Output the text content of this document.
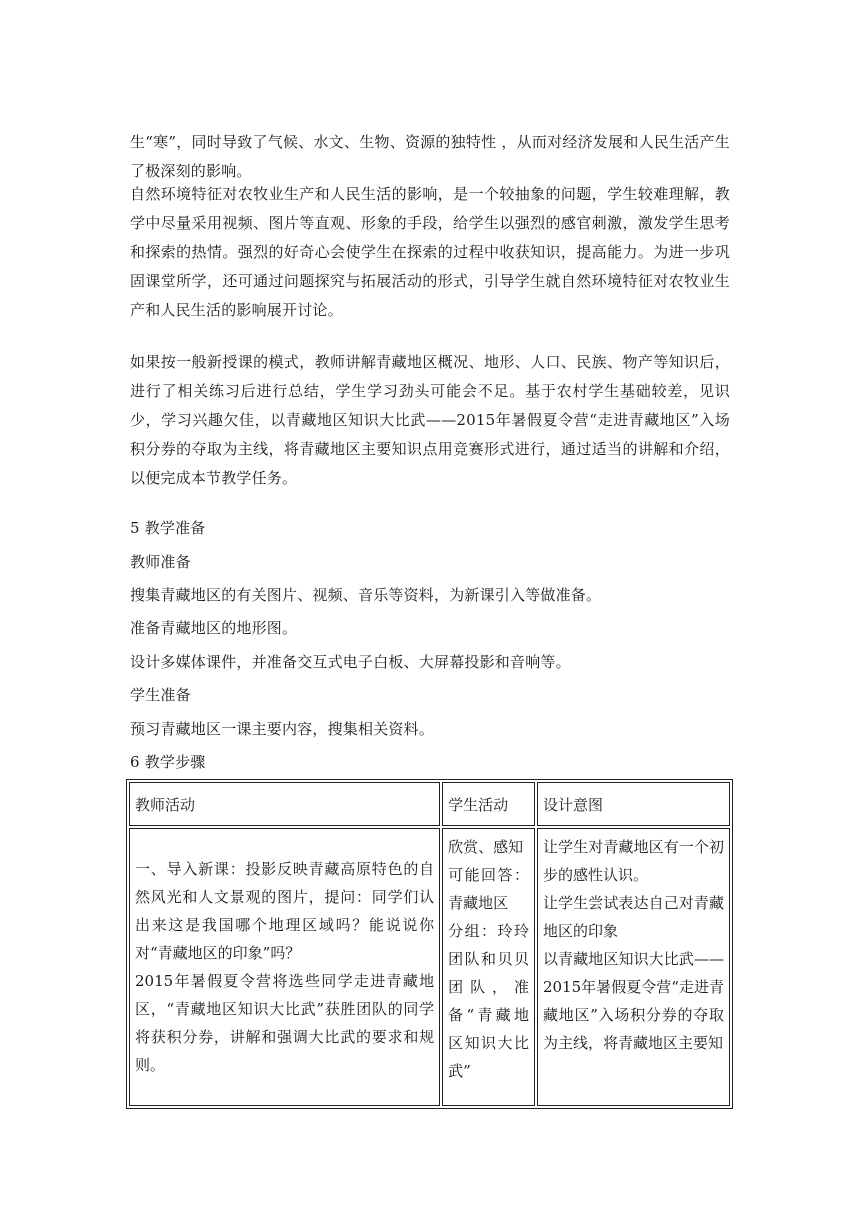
生“寒”，同时导致了气候、水文、生物、资源的独特性 ，从而对经济发展和人民生活产生了极深刻的影响。

自然环境特征对农牧业生产和人民生活的影响，是一个较抽象的问题，学生较难理解，教学中尽量采用视频、图片等直观、形象的手段，给学生以强烈的感官刺激，激发学生思考和探索的热情。强烈的好奇心会使学生在探索的过程中收获知识，提高能力。为进一步巩固课堂所学，还可通过问题探究与拓展活动的形式，引导学生就自然环境特征对农牧业生产和人民生活的影响展开讨论。

如果按一般新授课的模式，教师讲解青藏地区概况、地形、人口、民族、物产等知识后，进行了相关练习后进行总结，学生学习劲头可能会不足。基于农村学生基础较差，见识少，学习兴趣欠佳，以青藏地区知识大比武——2015年暑假夏令营“走进青藏地区”入场积分券的夺取为主线，将青藏地区主要知识点用竞赛形式进行，通过适当的讲解和介绍，以便完成本节教学任务。

5 教学准备

教师准备

搜集青藏地区的有关图片、视频、音乐等资料，为新课引入等做准备。

准备青藏地区的地形图。

设计多媒体课件，并准备交互式电子白板、大屏幕投影和音响等。

学生准备

预习青藏地区一课主要内容，搜集相关资料。

6 教学步骤

教师活动	学生活动	设计意图

一、导入新课：投影反映青藏高原特色的自然风光和人文景观的图片，提问：同学们认出来这是我国哪个地理区域吗？能说说你对“青藏地区的印象”吗？
2015年暑假夏令营将选些同学走进青藏地区，“青藏地区知识大比武”获胜团队的同学将获积分券，讲解和强调大比武的要求和规则。	欣赏、感知
可能回答：青藏地区
分组：玲玲团队和贝贝团队，准备“青藏地区知识大比武”	让学生对青藏地区有一个初步的感性认识。
让学生尝试表达自己对青藏地区的印象
以青藏地区知识大比武——2015年暑假夏令营“走进青藏地区”入场积分券的夺取为主线，将青藏地区主要知
